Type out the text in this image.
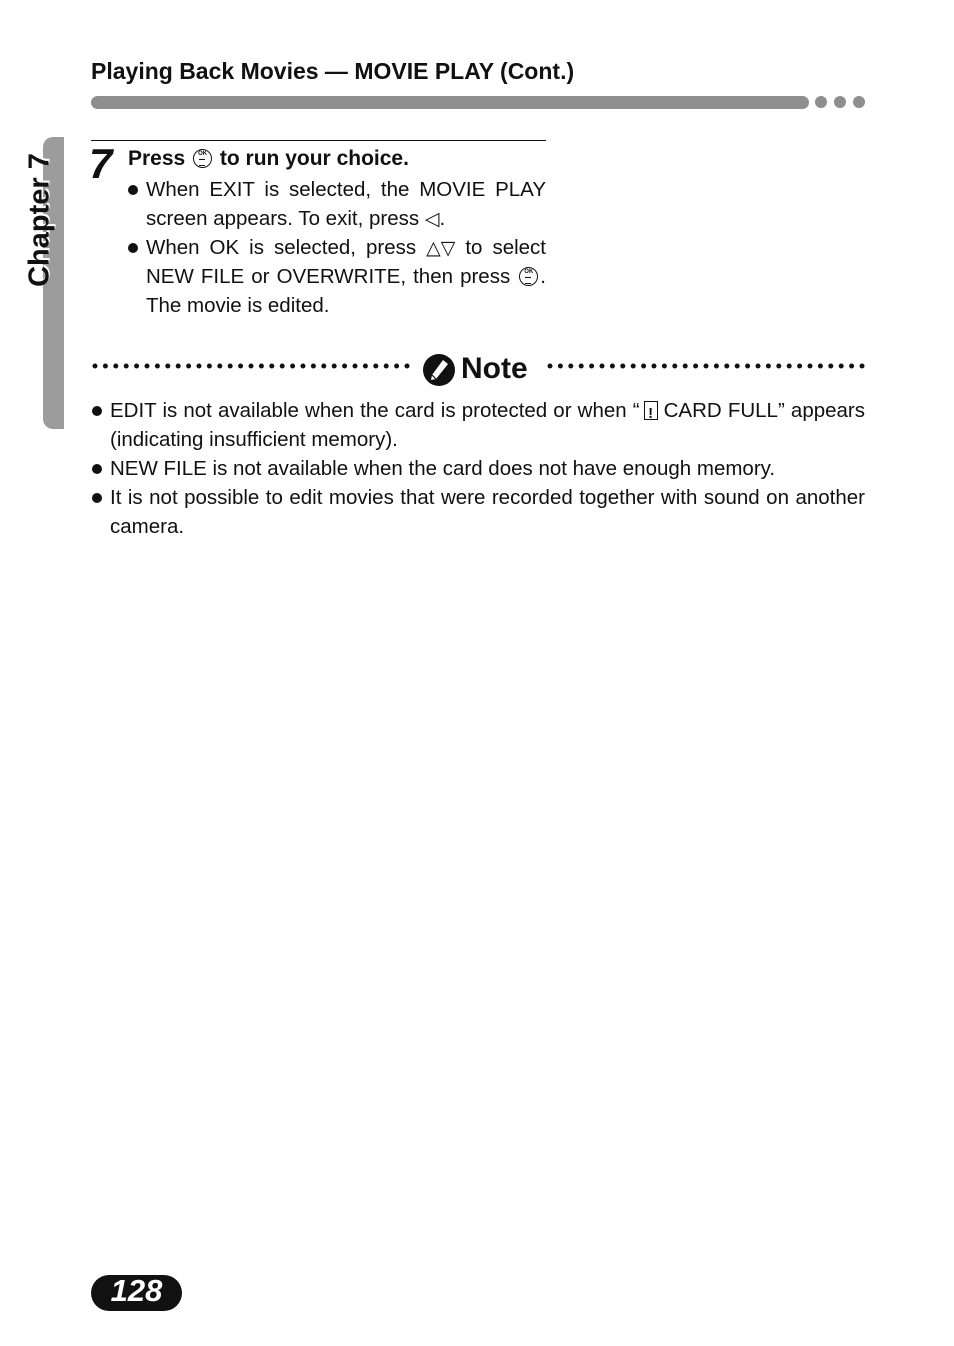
Playing Back Movies — MOVIE PLAY (Cont.)
Chapter 7 7 Press	OK to run your choice.
When EXIT is selected, the MOVIE PLAY screen appears. To exit, press ◁.
When OK is selected, press △▽ to select NEW FILE or OVERWRITE, then press	OK . The movie is edited.
Note
EDIT is not available when the card is protected or when “! CARD FULL” appears (indicating insufficient memory).
NEW FILE is not available when the card does not have enough memory.
It is not possible to edit movies that were recorded together with sound on another camera.
128
